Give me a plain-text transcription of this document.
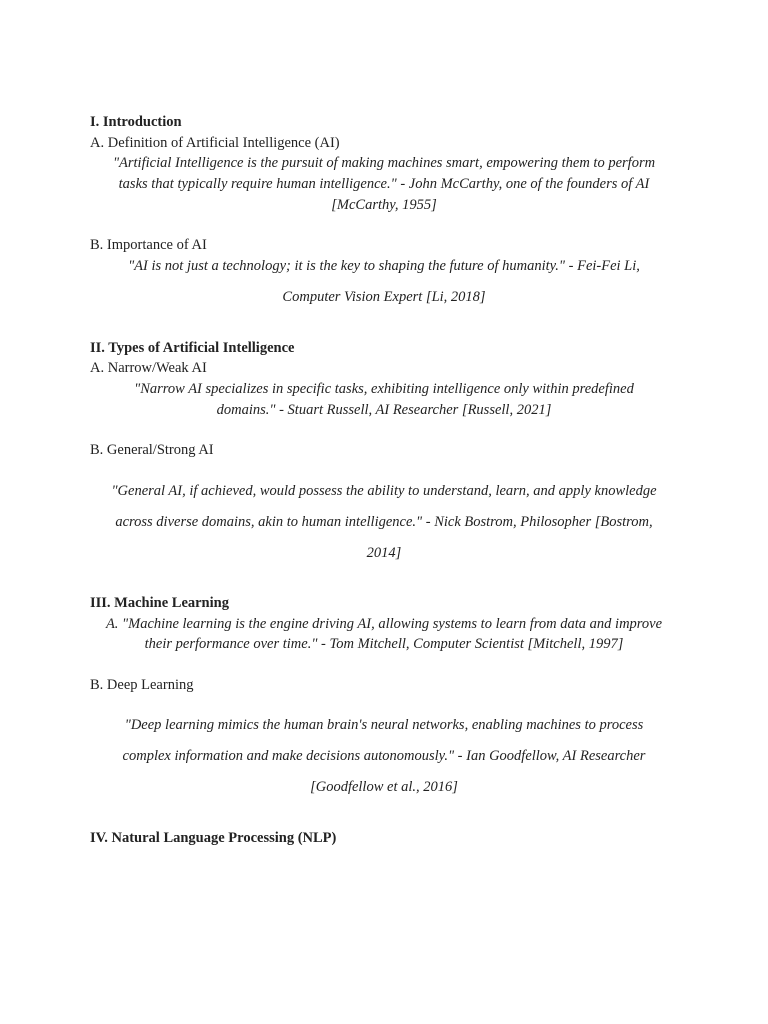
I. Introduction
A. Definition of Artificial Intelligence (AI)
"Artificial Intelligence is the pursuit of making machines smart, empowering them to perform
tasks that typically require human intelligence." - John McCarthy, one of the founders of AI
[McCarthy, 1955]
B. Importance of AI
"AI is not just a technology; it is the key to shaping the future of humanity." - Fei-Fei Li,
Computer Vision Expert [Li, 2018]
II. Types of Artificial Intelligence
A. Narrow/Weak AI
"Narrow AI specializes in specific tasks, exhibiting intelligence only within predefined
domains." - Stuart Russell, AI Researcher [Russell, 2021]
B. General/Strong AI
"General AI, if achieved, would possess the ability to understand, learn, and apply knowledge
across diverse domains, akin to human intelligence." - Nick Bostrom, Philosopher [Bostrom,
2014]
III. Machine Learning
A. "Machine learning is the engine driving AI, allowing systems to learn from data and improve
their performance over time." - Tom Mitchell, Computer Scientist [Mitchell, 1997]
B. Deep Learning
"Deep learning mimics the human brain's neural networks, enabling machines to process
complex information and make decisions autonomously." - Ian Goodfellow, AI Researcher
[Goodfellow et al., 2016]
IV. Natural Language Processing (NLP)
